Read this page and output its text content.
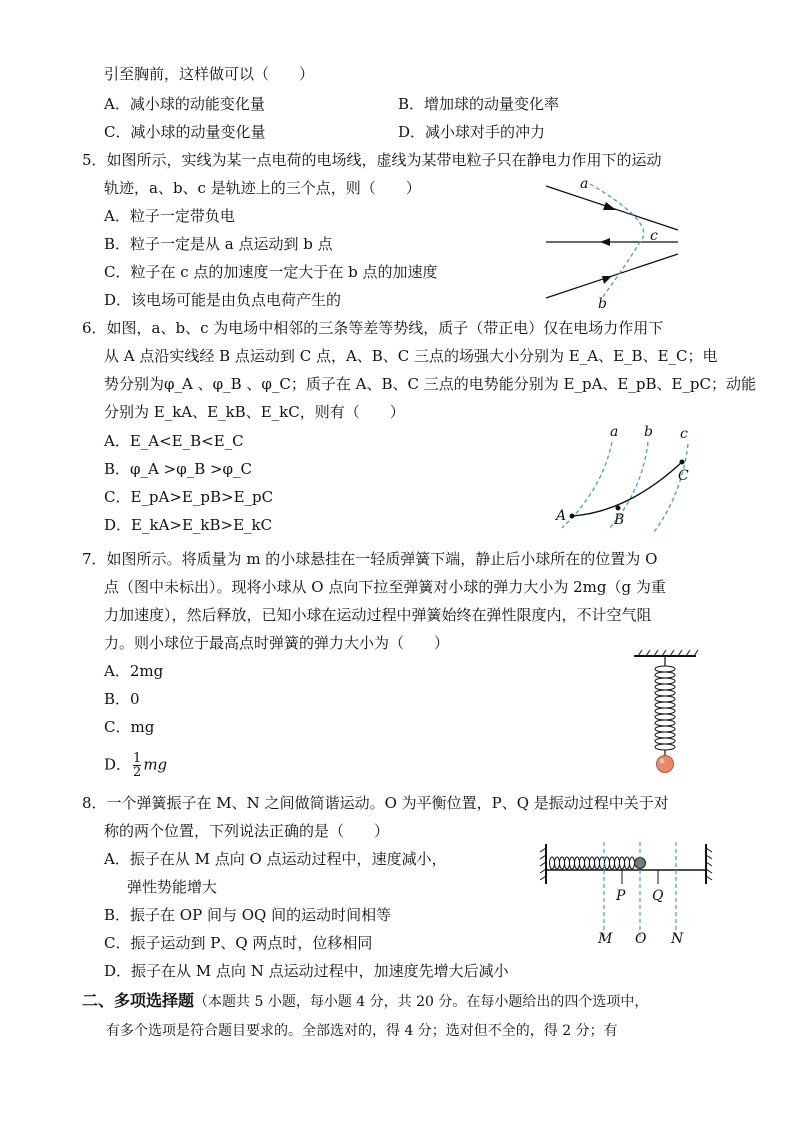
引至胸前，这样做可以（　　）
A．减小球的动能变化量	B．增加球的动量变化率
C．减小球的动量变化量	D．减小球对手的冲力
5．如图所示，实线为某一点电荷的电场线，虚线为某带电粒子只在静电力作用下的运动
轨迹，a、b、c 是轨迹上的三个点，则（　　）
A．粒子一定带负电
B．粒子一定是从 a 点运动到 b 点
C．粒子在 c 点的加速度一定大于在 b 点的加速度
D．该电场可能是由负点电荷产生的
a
c
b
6．如图，a、b、c 为电场中相邻的三条等差等势线，质子（带正电）仅在电场力作用下
从 A 点沿实线经 B 点运动到 C 点，A、B、C 三点的场强大小分别为 E_A、E_B、E_C；电
势分别为φ_A 、φ_B 、φ_C；质子在 A、B、C 三点的电势能分别为 E_pA、E_pB、E_pC；动能
分别为 E_kA、E_kB、E_kC，则有（　　）
A．E_A<E_B<E_C
B．φ_A >φ_B >φ_C
C．E_pA>E_pB>E_pC
D．E_kA>E_kB>E_kC
a b c
A	B
C
7．如图所示。将质量为 m 的小球悬挂在一轻质弹簧下端，静止后小球所在的位置为 O
点（图中未标出）。现将小球从 O 点向下拉至弹簧对小球的弹力大小为 2mg（g 为重
力加速度），然后释放，已知小球在运动过程中弹簧始终在弹性限度内，不计空气阻
力。则小球位于最高点时弹簧的弹力大小为（　　）
A．2mg
B．0
C．mg
D． $\frac{1}{2}$ mg
8．一个弹簧振子在 M、N 之间做简谐运动。O 为平衡位置，P、Q 是振动过程中关于对
称的两个位置，下列说法正确的是（　　）
A．振子在从 M 点向 O 点运动过程中，速度减小，
弹性势能增大
B．振子在 OP 间与 OQ 间的运动时间相等
C．振子运动到 P、Q 两点时，位移相同
D．振子在从 M 点向 N 点运动过程中，加速度先增大后减小
P Q
M O N
二、多项选择题（本题共 5 小题，每小题 4 分，共 20 分。在每小题给出的四个选项中，
有多个选项是符合题目要求的。全部选对的，得 4 分；选对但不全的，得 2 分；有
